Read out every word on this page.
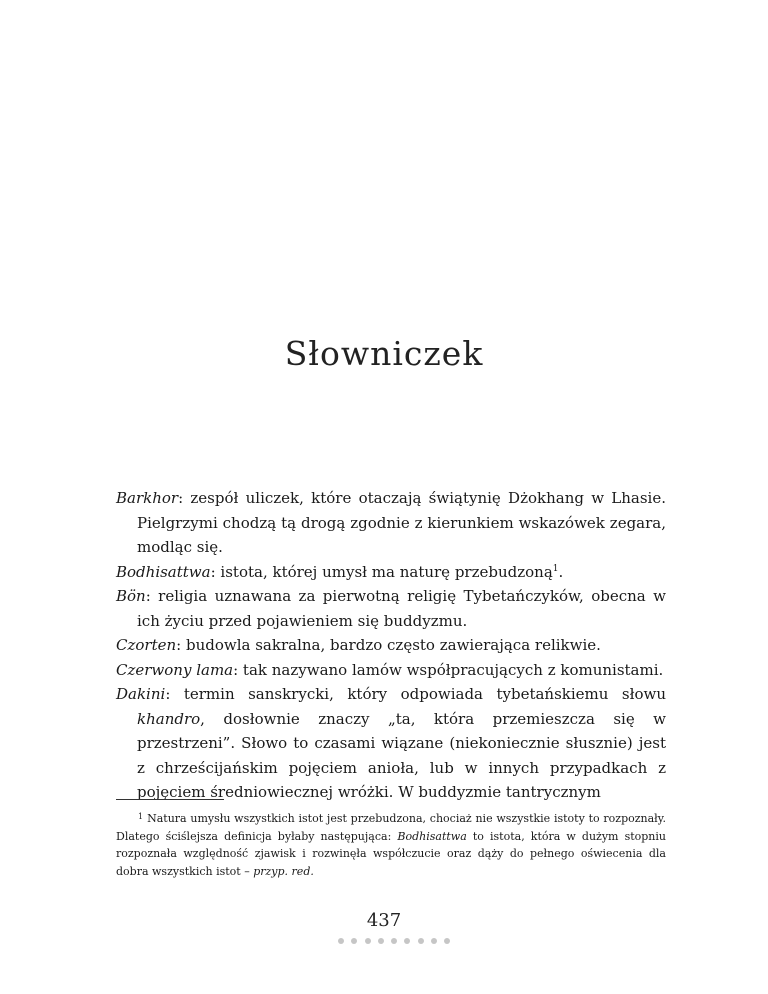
Słowniczek

Barkhor: zespół uliczek, które otaczają świątynię Dżokhang w Lhasie. Pielgrzymi chodzą tą drogą zgodnie z kierunkiem wskazówek zegara, modląc się.

Bodhisattwa: istota, której umysł ma naturę przebudzoną$^1$.

Bön: religia uznawana za pierwotną religię Tybetańczyków, obecna w ich życiu przed pojawieniem się buddyzmu.

Czorten: budowla sakralna, bardzo często zawierająca relikwie.

Czerwony lama: tak nazywano lamów współpracujących z komunistami.

Dakini: termin sanskrycki, który odpowiada tybetańskiemu słowu khandro, dosłownie znaczy „ta, która przemieszcza się w przestrzeni”. Słowo to czasami wiązane (niekoniecznie słusznie) jest z chrześcijańskim pojęciem anioła, lub w innych przypadkach z pojęciem średniowiecznej wróżki. W buddyzmie tantrycznym

$^1$ Natura umysłu wszystkich istot jest przebudzona, chociaż nie wszystkie istoty to rozpoznały. Dlatego ściślejsza definicja byłaby następująca: Bodhisattwa to istota, która w dużym stopniu rozpoznała względność zjawisk i rozwinęła współczucie oraz dąży do pełnego oświecenia dla dobra wszystkich istot – przyp. red.

437
